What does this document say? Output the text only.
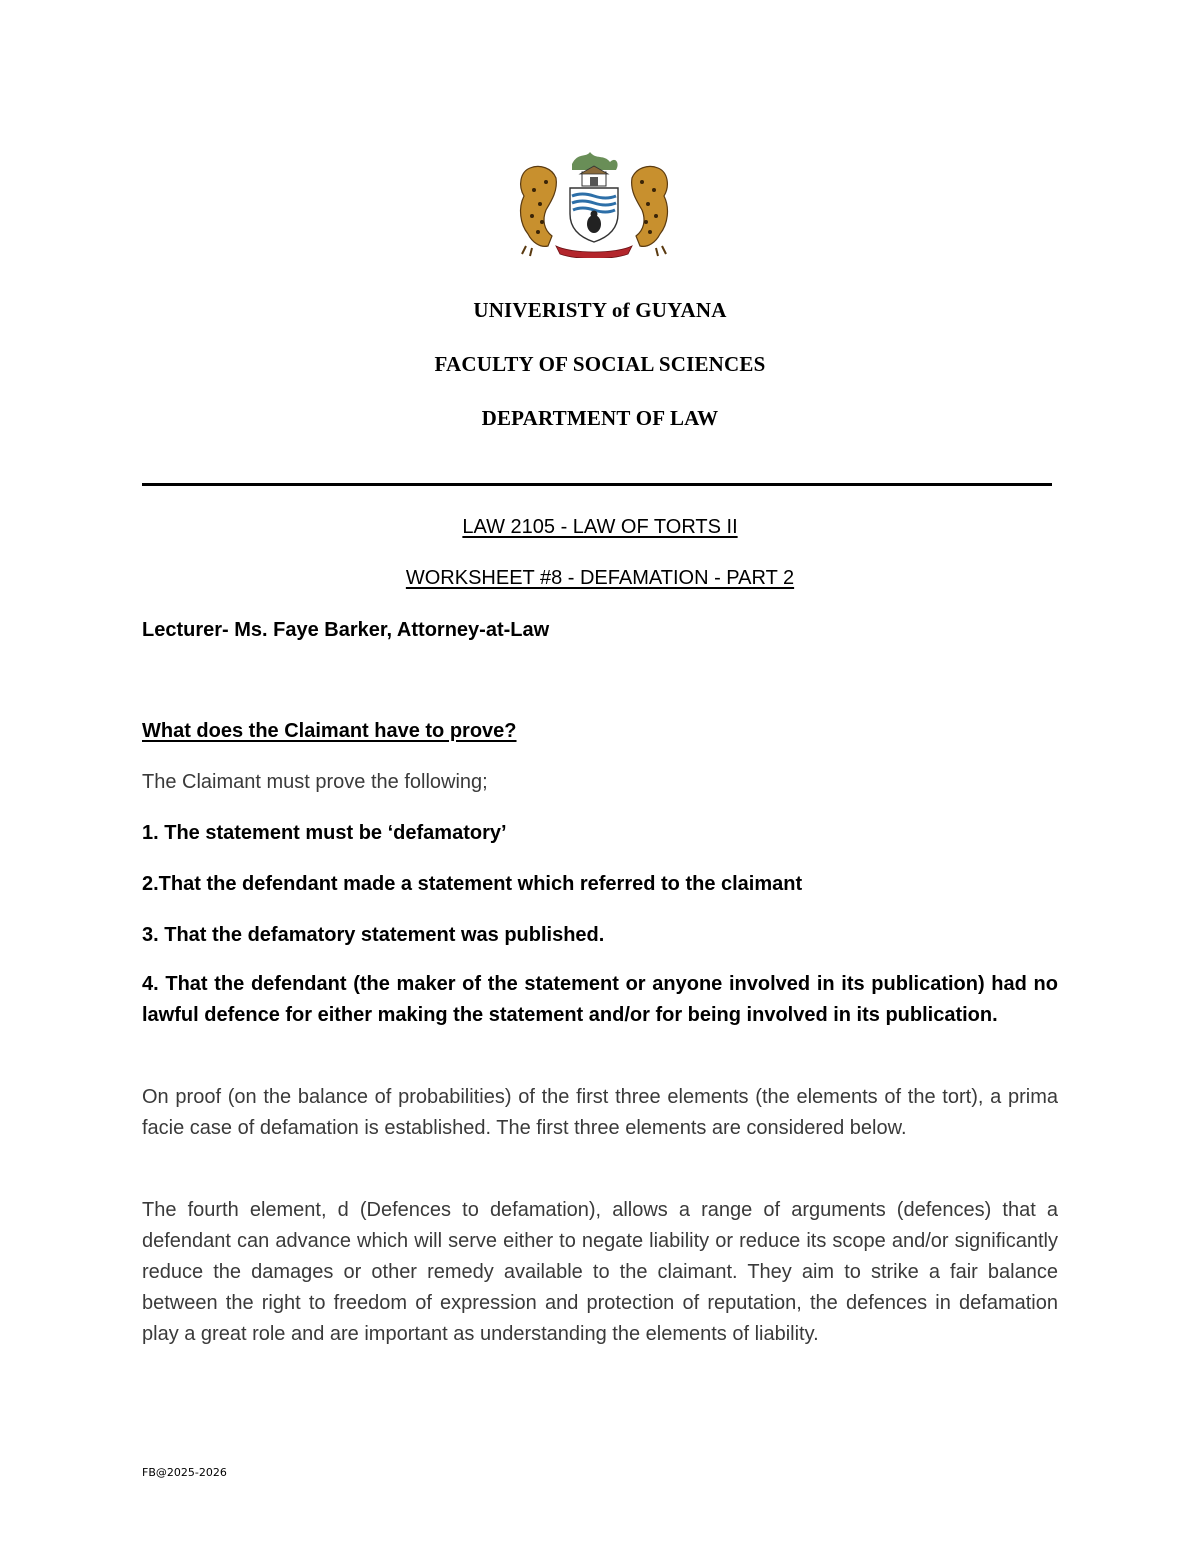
UNIVERISTY of GUYANA
FACULTY OF SOCIAL SCIENCES
DEPARTMENT OF LAW
LAW 2105 - LAW OF TORTS II
WORKSHEET #8 - DEFAMATION - PART 2
Lecturer- Ms. Faye Barker, Attorney-at-Law
What does the Claimant have to prove?
The Claimant must prove the following;
1. The statement must be ‘defamatory’
2.That the defendant made a statement which referred to the claimant
3. That the defamatory statement was published.
4. That the defendant (the maker of the statement or anyone involved in its publication) had no lawful defence for either making the statement and/or for being involved in its publication.
On proof (on the balance of probabilities) of the first three elements (the elements of the tort), a prima facie case of defamation is established. The first three elements are considered below.
The fourth element, d (Defences to defamation), allows a range of arguments (defences) that a defendant can advance which will serve either to negate liability or reduce its scope and/or significantly reduce the damages or other remedy available to the claimant. They aim to strike a fair balance between the right to freedom of expression and protection of reputation, the defences in defamation play a great role and are important as understanding the elements of liability.
FB@2025-2026
